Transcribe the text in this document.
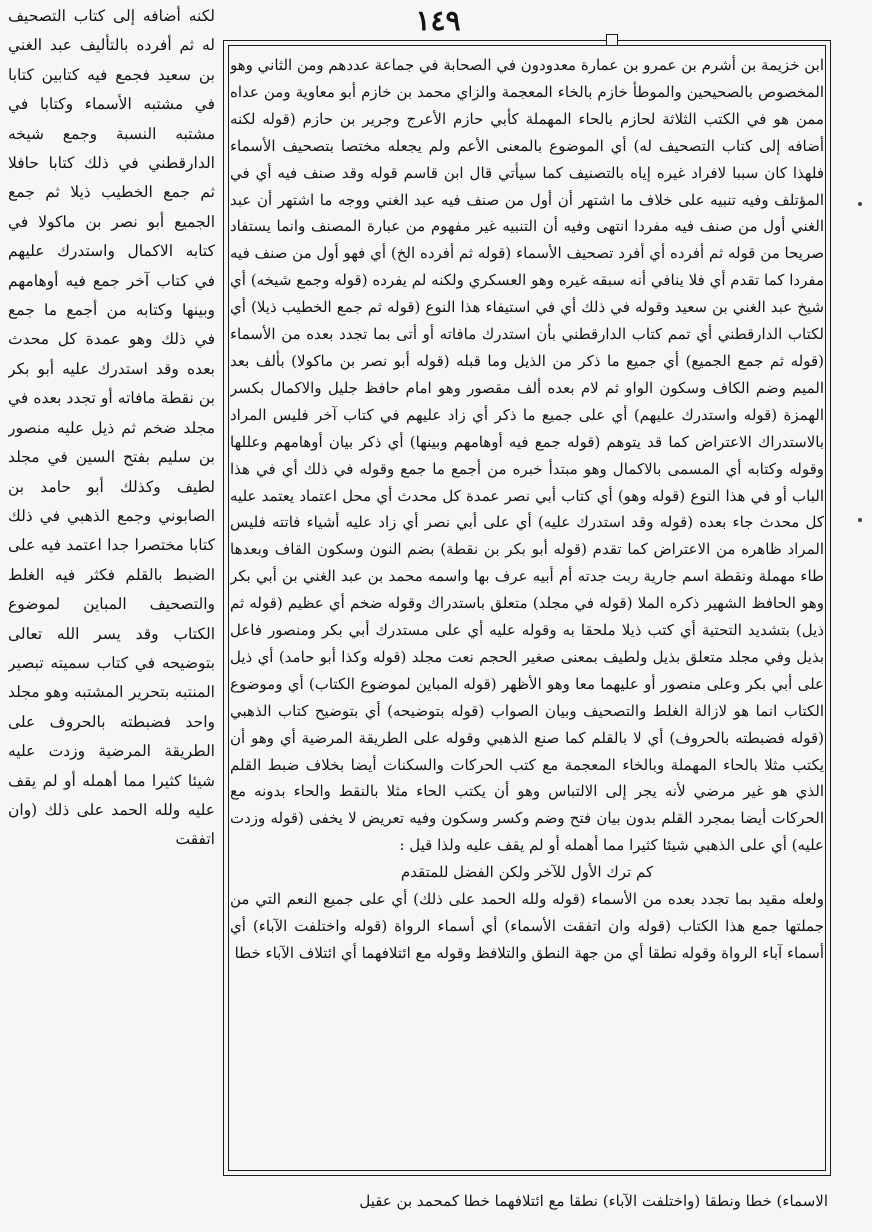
١٤٩

لكنه أضافه إلى كتاب التصحيف له ثم أفرده بالتأليف عبد الغني بن سعيد فجمع فيه كتابين كتابا في مشتبه الأسماء وكتابا في مشتبه النسبة وجمع شيخه الدارقطني في ذلك كتابا حافلا ثم جمع الخطيب ذيلا ثم جمع الجميع أبو نصر بن ماكولا في كتابه الاكمال واستدرك عليهم في كتاب آخر جمع فيه أوهامهم وبينها وكتابه من أجمع ما جمع في ذلك وهو عمدة كل محدث بعده وقد استدرك عليه أبو بكر بن نقطة مافاته أو تجدد بعده في مجلد ضخم ثم ذيل عليه منصور بن سليم بفتح السين في مجلد لطيف وكذلك أبو حامد بن الصابوني وجمع الذهبي في ذلك كتابا مختصرا جدا اعتمد فيه على الضبط بالقلم فكثر فيه الغلط والتصحيف المباين لموضوع الكتاب وقد يسر الله تعالى بتوضيحه في كتاب سميته تبصير المنتبه بتحرير المشتبه وهو مجلد واحد فضبطته بالحروف على الطريقة المرضية وزدت عليه شيئا كثيرا مما أهمله أو لم يقف عليه ولله الحمد على ذلك (وان اتفقت

ابن خزيمة بن أشرم بن عمرو بن عمارة معدودون في الصحابة في جماعة عددهم ومن الثاني وهو المخصوص بالصحيحين والموطأ خازم بالخاء المعجمة والزاي محمد بن خازم أبو معاوية ومن عداه ممن هو في الكتب الثلاثة لحازم بالحاء المهملة كأبي حازم الأعرج وجرير بن حازم (قوله لكنه أضافه إلى كتاب التصحيف له) أي الموضوع بالمعنى الأعم ولم يجعله مختصا بتصحيف الأسماء فلهذا كان سببا لافراد غيره إياه بالتصنيف كما سيأتي قال ابن قاسم قوله وقد صنف فيه أي في المؤتلف وفيه تنبيه على خلاف ما اشتهر أن أول من صنف فيه عبد الغني ووجه ما اشتهر أن عبد الغني أول من صنف فيه مفردا انتهى وفيه أن التنبيه غير مفهوم من عبارة المصنف وانما يستفاد صريحا من قوله ثم أفرده أي أفرد تصحيف الأسماء (قوله ثم أفرده الخ) أي فهو أول من صنف فيه مفردا كما تقدم أي فلا ينافي أنه سبقه غيره وهو العسكري ولكنه لم يفرده (قوله وجمع شيخه) أي شيخ عبد الغني بن سعيد وقوله في ذلك أي في استيفاء هذا النوع (قوله ثم جمع الخطيب ذيلا) أي لكتاب الدارقطني أي تمم كتاب الدارقطني بأن استدرك مافاته أو أتى بما تجدد بعده من الأسماء (قوله ثم جمع الجميع) أي جميع ما ذكر من الذيل وما قبله (قوله أبو نصر بن ماكولا) بألف بعد الميم وضم الكاف وسكون الواو ثم لام بعده ألف مقصور وهو امام حافظ جليل والاكمال بكسر الهمزة (قوله واستدرك عليهم) أي على جميع ما ذكر أي زاد عليهم في كتاب آخر فليس المراد بالاستدراك الاعتراض كما قد يتوهم (قوله جمع فيه أوهامهم وبينها) أي ذكر بيان أوهامهم وعللها وقوله وكتابه أي المسمى بالاكمال وهو مبتدأ خبره من أجمع ما جمع وقوله في ذلك أي في هذا الباب أو في هذا النوع (قوله وهو) أي كتاب أبي نصر عمدة كل محدث أي محل اعتماد يعتمد عليه كل محدث جاء بعده (قوله وقد استدرك عليه) أي على أبي نصر أي زاد عليه أشياء فاتته فليس المراد ظاهره من الاعتراض كما تقدم (قوله أبو بكر بن نقطة) بضم النون وسكون القاف وبعدها طاء مهملة ونقطة اسم جارية ربت جدته أم أبيه عرف بها واسمه محمد بن عبد الغني بن أبي بكر وهو الحافظ الشهير ذكره الملا (قوله في مجلد) متعلق باستدراك وقوله ضخم أي عظيم (قوله ثم ذيل) بتشديد التحتية أي كتب ذيلا ملحقا به وقوله عليه أي على مستدرك أبي بكر ومنصور فاعل بذيل وفي مجلد متعلق بذيل ولطيف بمعنى صغير الحجم نعت مجلد (قوله وكذا أبو حامد) أي ذيل على أبي بكر وعلى منصور أو عليهما معا وهو الأظهر (قوله المباين لموضوع الكتاب) أي وموضوع الكتاب انما هو لازالة الغلط والتصحيف وبيان الصواب (قوله بتوضيحه) أي بتوضيح كتاب الذهبي (قوله فضبطته بالحروف) أي لا بالقلم كما صنع الذهبي وقوله على الطريقة المرضية أي وهو أن يكتب مثلا بالحاء المهملة وبالخاء المعجمة مع كتب الحركات والسكنات أيضا بخلاف ضبط القلم الذي هو غير مرضي لأنه يجر إلى الالتباس وهو أن يكتب الحاء مثلا بالنقط والحاء بدونه مع الحركات أيضا بمجرد القلم بدون بيان فتح وضم وكسر وسكون وفيه تعريض لا يخفى (قوله وزدت عليه) أي على الذهبي شيئا كثيرا مما أهمله أو لم يقف عليه ولذا قيل :

كم ترك الأول للآخر ولكن الفضل للمتقدم

ولعله مقيد بما تجدد بعده من الأسماء (قوله ولله الحمد على ذلك) أي على جميع النعم التي من جملتها جمع هذا الكتاب (قوله وان اتفقت الأسماء) أي أسماء الرواة (قوله واختلفت الآباء) أي أسماء آباء الرواة وقوله نطقا أي من جهة النطق والتلافظ وقوله مع ائتلافهما أي ائتلاف الآباء خطا

الاسماء) خطا ونطقا (واختلفت الآباء) نطقا مع ائتلافهما خطا كمحمد بن عقيل
